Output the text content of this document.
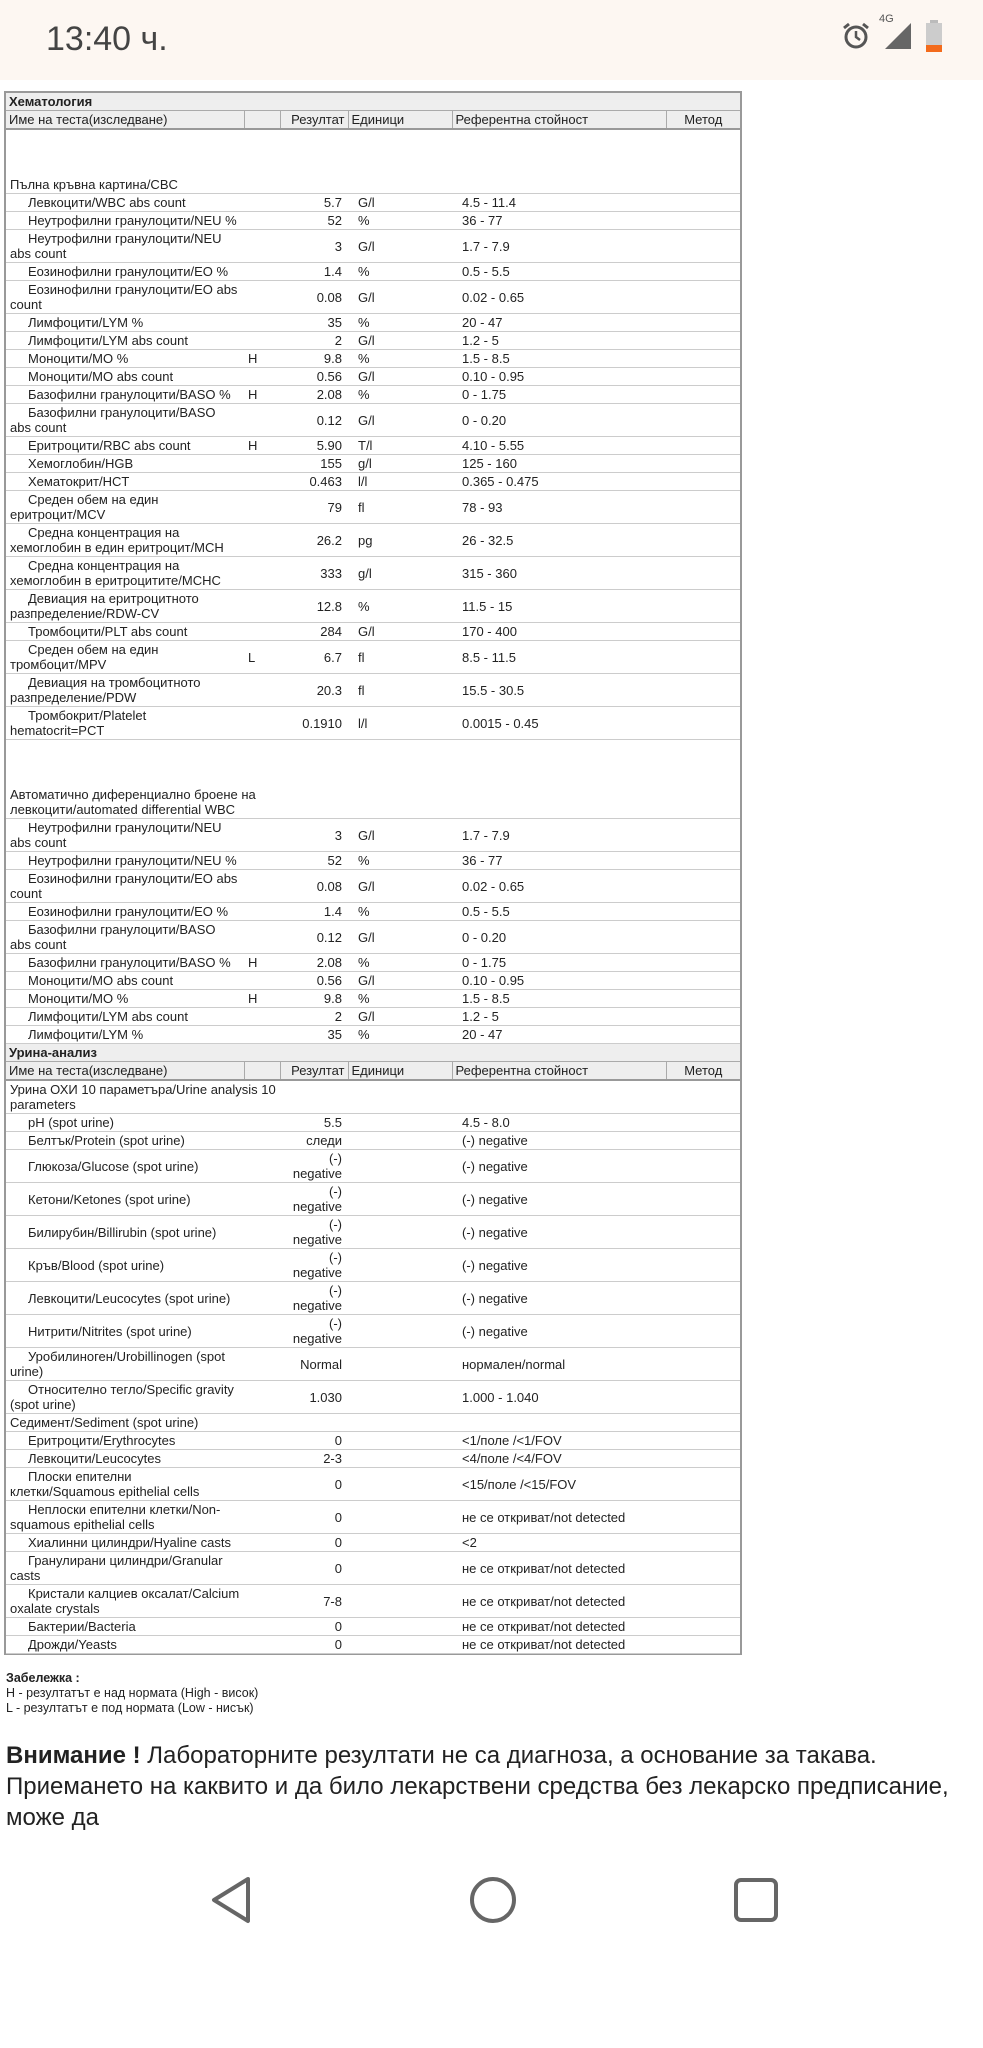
13:40 ч.
4G
Хематология					
Име на теста(изследване)		Резултат	Единици	Референтна стойност	Метод

Пълна кръвна картина/CBC					
Левкоцити/WBC abs count		5.7	G/l	4.5 - 11.4	
Неутрофилни гранулоцити/NEU %		52	%	36 - 77	
Неутрофилни гранулоцити/NEU abs count		3	G/l	1.7 - 7.9	
Еозинофилни гранулоцити/EO %		1.4	%	0.5 - 5.5	
Еозинофилни гранулоцити/EO abs count		0.08	G/l	0.02 - 0.65	
Лимфоцити/LYM %		35	%	20 - 47	
Лимфоцити/LYM abs count		2	G/l	1.2 - 5	
Моноцити/MO %	H	9.8	%	1.5 - 8.5	
Моноцити/MO abs count		0.56	G/l	0.10 - 0.95	
Базофилни гранулоцити/BASO %	H	2.08	%	0 - 1.75	
Базофилни гранулоцити/BASO abs count		0.12	G/l	0 - 0.20	
Еритроцити/RBC abs count	H	5.90	T/l	4.10 - 5.55	
Хемоглобин/HGB		155	g/l	125 - 160	
Хематокрит/HCT		0.463	l/l	0.365 - 0.475	
Среден обем на един еритроцит/MCV		79	fl	78 - 93	
Средна концентрация на хемоглобин в един еритроцит/MCH		26.2	pg	26 - 32.5	
Средна концентрация на хемоглобин в еритроцитите/MCHC		333	g/l	315 - 360	
Девиация на еритроцитното разпределение/RDW-CV		12.8	%	11.5 - 15	
Тромбоцити/PLT abs count		284	G/l	170 - 400	
Среден обем на един тромбоцит/MPV	L	6.7	fl	8.5 - 11.5	
Девиация на тромбоцитното разпределение/PDW		20.3	fl	15.5 - 30.5	
Тромбокрит/Platelet hematocrit=PCT		0.1910	l/l	0.0015 - 0.45	

Автоматично диференциално броене на левкоцити/automated differential WBC					
Неутрофилни гранулоцити/NEU abs count		3	G/l	1.7 - 7.9	
Неутрофилни гранулоцити/NEU %		52	%	36 - 77	
Еозинофилни гранулоцити/EO abs count		0.08	G/l	0.02 - 0.65	
Еозинофилни гранулоцити/EO %		1.4	%	0.5 - 5.5	
Базофилни гранулоцити/BASO abs count		0.12	G/l	0 - 0.20	
Базофилни гранулоцити/BASO %	H	2.08	%	0 - 1.75	
Моноцити/MO abs count		0.56	G/l	0.10 - 0.95	
Моноцити/MO %	H	9.8	%	1.5 - 8.5	
Лимфоцити/LYM abs count		2	G/l	1.2 - 5	
Лимфоцити/LYM %		35	%	20 - 47	
Урина-анализ					
Име на теста(изследване)		Резултат	Единици	Референтна стойност	Метод
Урина ОХИ 10 параметъра/Urine analysis 10 parameters					
pH (spot urine)		5.5		4.5 - 8.0	
Белтък/Protein (spot urine)		следи		(-) negative	
Глюкоза/Glucose (spot urine)		(-) negative		(-) negative	
Кетони/Ketones (spot urine)		(-) negative		(-) negative	
Билирубин/Billirubin (spot urine)		(-) negative		(-) negative	
Кръв/Blood (spot urine)		(-) negative		(-) negative	
Левкоцити/Leucocytes (spot urine)		(-) negative		(-) negative	
Нитрити/Nitrites (spot urine)		(-) negative		(-) negative	
Уробилиноген/Urobillinogen (spot urine)		Normal		нормален/normal	
Относително тегло/Specific gravity (spot urine)		1.030		1.000 - 1.040	
Седимент/Sediment (spot urine)					
Еритроцити/Erythrocytes		0		<1/поле /<1/FOV	
Левкоцити/Leucocytes		2-3		<4/поле /<4/FOV	
Плоски епителни клетки/Squamous epithelial cells		0		<15/поле /<15/FOV	
Неплоски епителни клетки/Non-squamous epithelial cells		0		не се откриват/not detected	
Хиалинни цилиндри/Hyaline casts		0		<2	
Гранулирани цилиндри/Granular casts		0		не се откриват/not detected	
Кристали калциев оксалат/Calcium oxalate crystals		7-8		не се откриват/not detected	
Бактерии/Bacteria		0		не се откриват/not detected	
Дрожди/Yeasts		0		не се откриват/not detected	
Забележка :
H - резултатът е над нормата (High - висок)
L - резултатът е под нормата (Low - нисък)
Внимание ! Лабораторните резултати не са диагноза, а основание за такава. Приемането на каквито и да било лекарствени средства без лекарско предписание, може да
